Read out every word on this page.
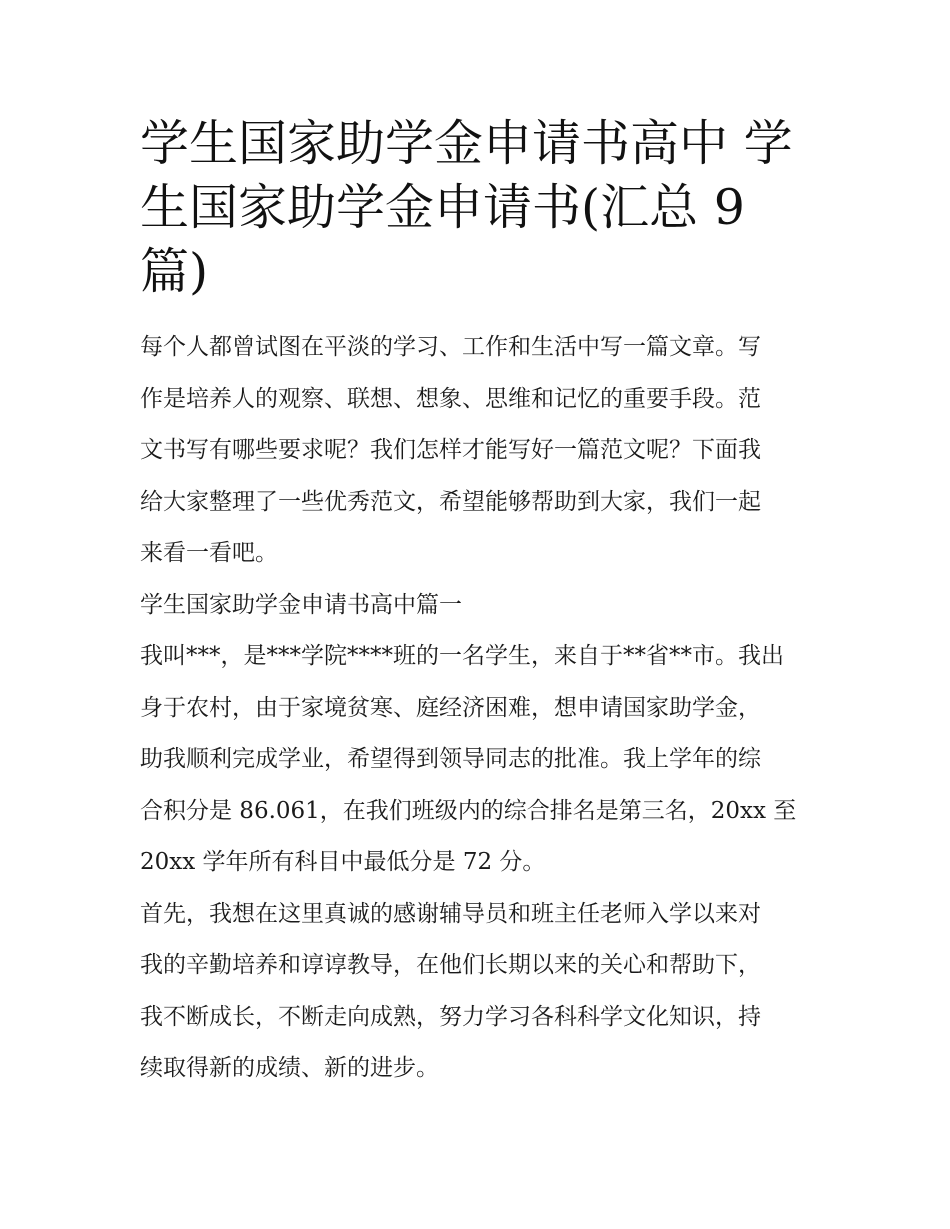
学生国家助学金申请书高中 学
生国家助学金申请书(汇总 9
篇)
每个人都曾试图在平淡的学习、工作和生活中写一篇文章。写
作是培养人的观察、联想、想象、思维和记忆的重要手段。范
文书写有哪些要求呢？我们怎样才能写好一篇范文呢？下面我
给大家整理了一些优秀范文，希望能够帮助到大家，我们一起
来看一看吧。
学生国家助学金申请书高中篇一
我叫***，是***学院****班的一名学生，来自于**省**市。我出
身于农村，由于家境贫寒、庭经济困难，想申请国家助学金，
助我顺利完成学业，希望得到领导同志的批准。我上学年的综
合积分是 86.061，在我们班级内的综合排名是第三名，20xx 至
20xx 学年所有科目中最低分是 72 分。
首先，我想在这里真诚的感谢辅导员和班主任老师入学以来对
我的辛勤培养和谆谆教导，在他们长期以来的关心和帮助下，
我不断成长，不断走向成熟，努力学习各科科学文化知识，持
续取得新的成绩、新的进步。
